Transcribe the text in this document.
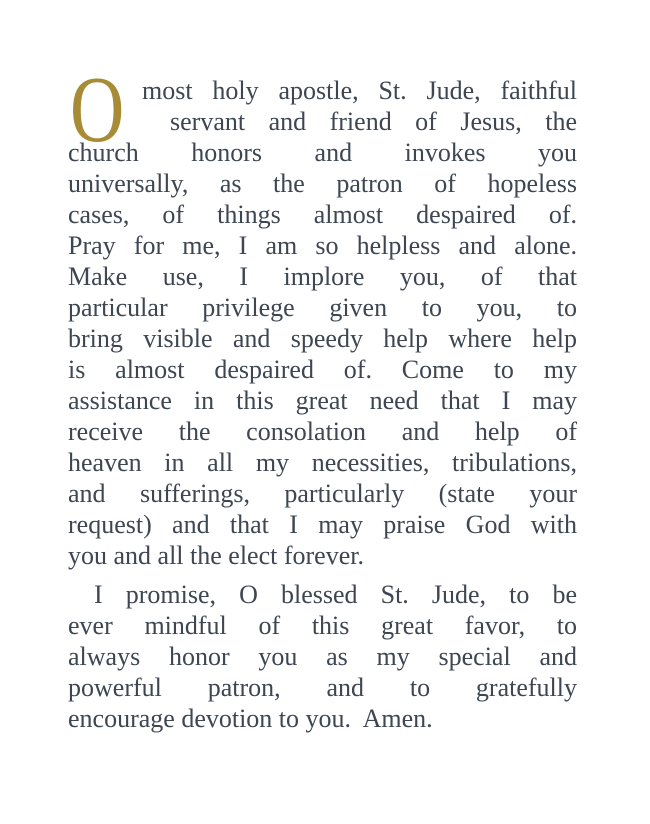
O most holy apostle, St. Jude, faithful
servant and friend of Jesus, the
church honors and invokes you
universally, as the patron of hopeless
cases, of things almost despaired of.
Pray for me, I am so helpless and alone.
Make use, I implore you, of that
particular privilege given to you, to
bring visible and speedy help where help
is almost despaired of. Come to my
assistance in this great need that I may
receive the consolation and help of
heaven in all my necessities, tribulations,
and sufferings, particularly (state your
request) and that I may praise God with
you and all the elect forever.
I promise, O blessed St. Jude, to be
ever mindful of this great favor, to
always honor you as my special and
powerful patron, and to gratefully
encourage devotion to you.  Amen.
